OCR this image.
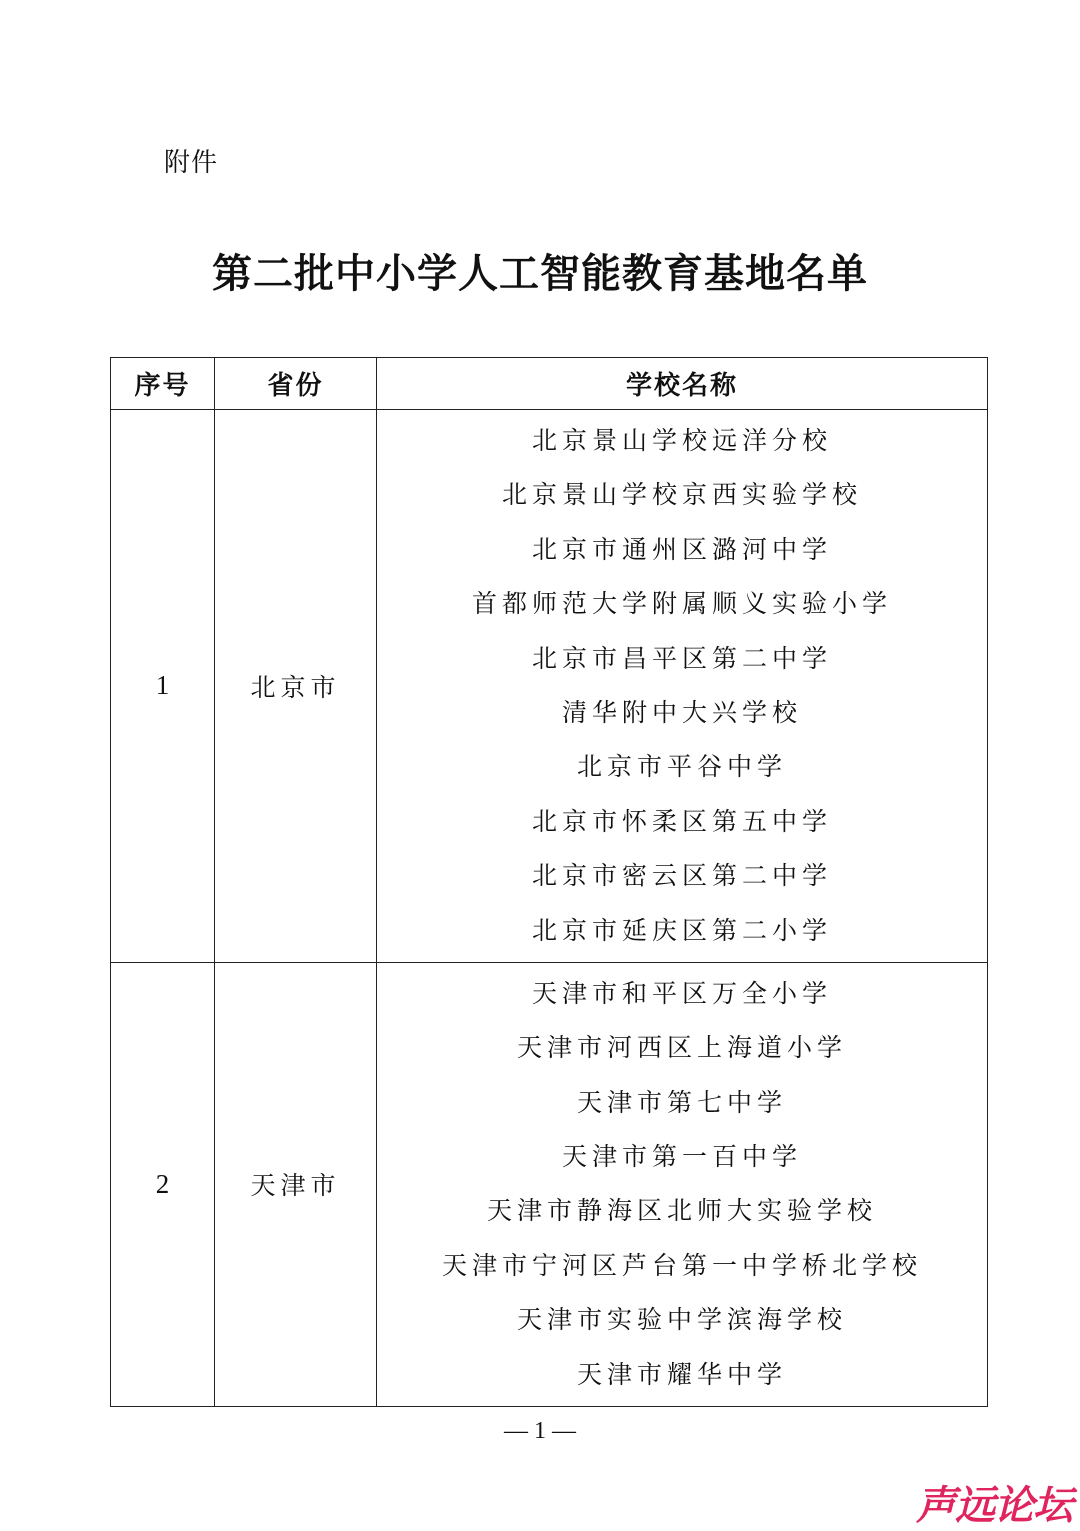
附件
第二批中小学人工智能教育基地名单
序号	省份	学校名称
1	北京市	
北京景山学校远洋分校
北京景山学校京西实验学校
北京市通州区潞河中学
首都师范大学附属顺义实验小学
北京市昌平区第二中学
清华附中大兴学校
北京市平谷中学
北京市怀柔区第五中学
北京市密云区第二中学
北京市延庆区第二小学

2	天津市	
天津市和平区万全小学
天津市河西区上海道小学
天津市第七中学
天津市第一百中学
天津市静海区北师大实验学校
天津市宁河区芦台第一中学桥北学校
天津市实验中学滨海学校
天津市耀华中学
— 1 —
声远论坛
